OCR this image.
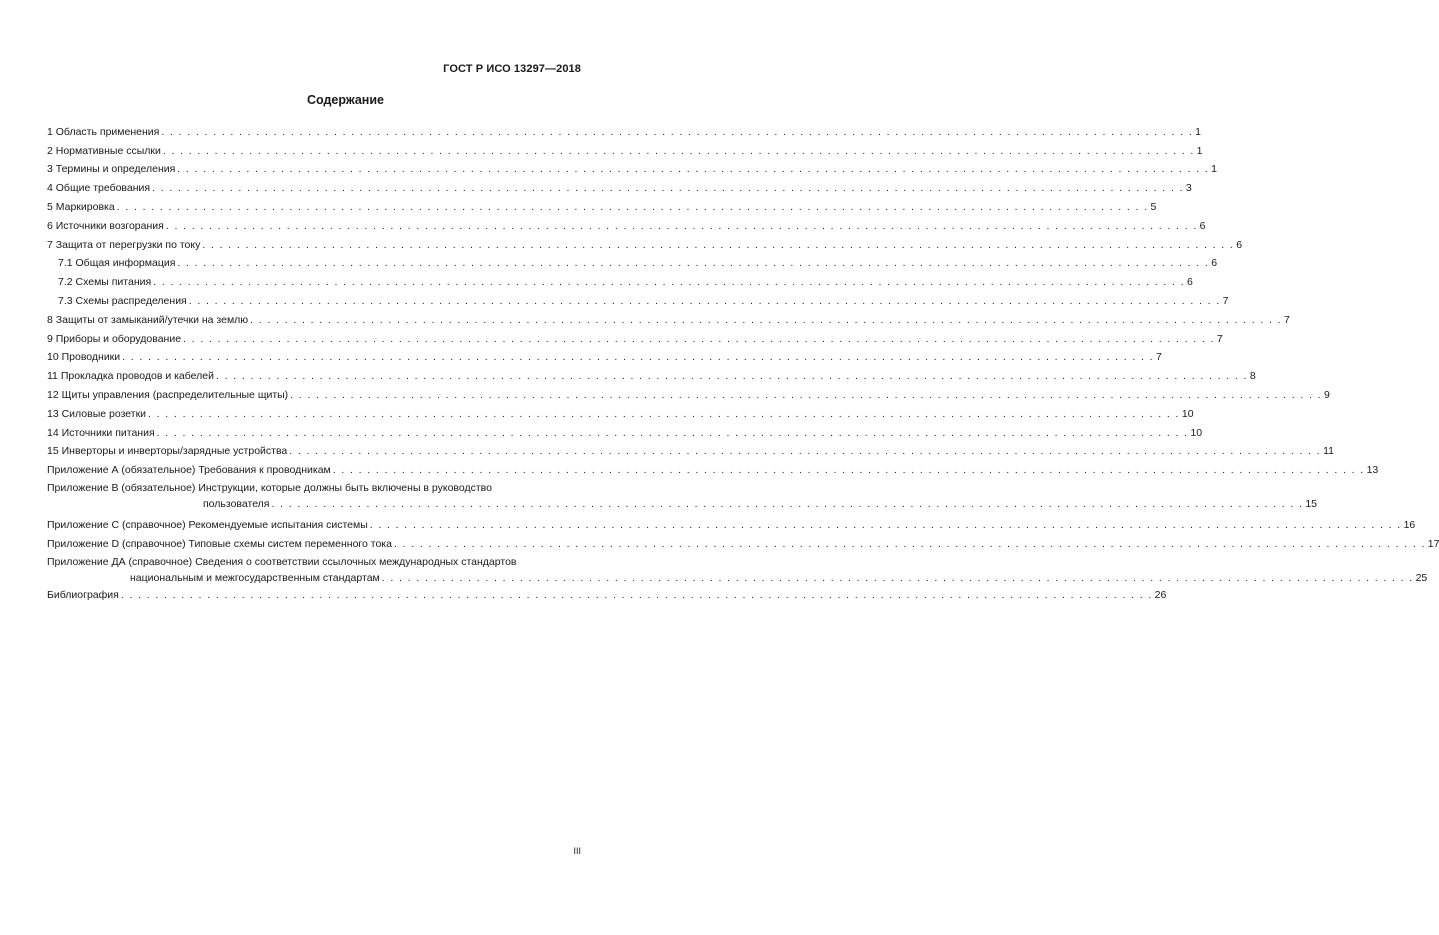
ГОСТ Р ИСО 13297—2018
Содержание
1 Область применения . . . . . . . . . . . . . . . . . . . . . . . . . . . . . . . . . . . . . . . . . . . . . . . . . . . . . . . . . . . . . . . . . . . . . . . . . . . . . . . . . . . . . . . . . . . . . . . . . . . . . . . . . . . . . . . . . . . . . . . . 1
2 Нормативные ссылки . . . . . . . . . . . . . . . . . . . . . . . . . . . . . . . . . . . . . . . . . . . . . . . . . . . . . . . . . . . . . . . . . . . . . . . . . . . . . . . . . . . . . . . . . . . . . . . . . . . . . . . . . . . . . . . . . . . . . . . . 1
3 Термины и определения . . . . . . . . . . . . . . . . . . . . . . . . . . . . . . . . . . . . . . . . . . . . . . . . . . . . . . . . . . . . . . . . . . . . . . . . . . . . . . . . . . . . . . . . . . . . . . . . . . . . . . . . . . . . . . . . . . . . . . . . 1
4 Общие требования . . . . . . . . . . . . . . . . . . . . . . . . . . . . . . . . . . . . . . . . . . . . . . . . . . . . . . . . . . . . . . . . . . . . . . . . . . . . . . . . . . . . . . . . . . . . . . . . . . . . . . . . . . . . . . . . . . . . . . . . 3
5 Маркировка . . . . . . . . . . . . . . . . . . . . . . . . . . . . . . . . . . . . . . . . . . . . . . . . . . . . . . . . . . . . . . . . . . . . . . . . . . . . . . . . . . . . . . . . . . . . . . . . . . . . . . . . . . . . . . . . . . . . . . . . 5
6 Источники возгорания . . . . . . . . . . . . . . . . . . . . . . . . . . . . . . . . . . . . . . . . . . . . . . . . . . . . . . . . . . . . . . . . . . . . . . . . . . . . . . . . . . . . . . . . . . . . . . . . . . . . . . . . . . . . . . . . . . . . . . . . 6
7 Защита от перегрузки по току . . . . . . . . . . . . . . . . . . . . . . . . . . . . . . . . . . . . . . . . . . . . . . . . . . . . . . . . . . . . . . . . . . . . . . . . . . . . . . . . . . . . . . . . . . . . . . . . . . . . . . . . . . . . . . . . . . . . . . . . 6
7.1 Общая информация . . . . . . . . . . . . . . . . . . . . . . . . . . . . . . . . . . . . . . . . . . . . . . . . . . . . . . . . . . . . . . . . . . . . . . . . . . . . . . . . . . . . . . . . . . . . . . . . . . . . . . . . . . . . . . . . . . . . . . . . 6
7.2 Схемы питания . . . . . . . . . . . . . . . . . . . . . . . . . . . . . . . . . . . . . . . . . . . . . . . . . . . . . . . . . . . . . . . . . . . . . . . . . . . . . . . . . . . . . . . . . . . . . . . . . . . . . . . . . . . . . . . . . . . . . . . . 6
7.3 Схемы распределения . . . . . . . . . . . . . . . . . . . . . . . . . . . . . . . . . . . . . . . . . . . . . . . . . . . . . . . . . . . . . . . . . . . . . . . . . . . . . . . . . . . . . . . . . . . . . . . . . . . . . . . . . . . . . . . . . . . . . . . . 7
8 Защиты от замыканий/утечки на землю . . . . . . . . . . . . . . . . . . . . . . . . . . . . . . . . . . . . . . . . . . . . . . . . . . . . . . . . . . . . . . . . . . . . . . . . . . . . . . . . . . . . . . . . . . . . . . . . . . . . . . . . . . . . . . . . . . . . . . . . 7
9 Приборы и оборудование . . . . . . . . . . . . . . . . . . . . . . . . . . . . . . . . . . . . . . . . . . . . . . . . . . . . . . . . . . . . . . . . . . . . . . . . . . . . . . . . . . . . . . . . . . . . . . . . . . . . . . . . . . . . . . . . . . . . . . . . 7
10 Проводники . . . . . . . . . . . . . . . . . . . . . . . . . . . . . . . . . . . . . . . . . . . . . . . . . . . . . . . . . . . . . . . . . . . . . . . . . . . . . . . . . . . . . . . . . . . . . . . . . . . . . . . . . . . . . . . . . . . . . . . . 7
11 Прокладка проводов и кабелей . . . . . . . . . . . . . . . . . . . . . . . . . . . . . . . . . . . . . . . . . . . . . . . . . . . . . . . . . . . . . . . . . . . . . . . . . . . . . . . . . . . . . . . . . . . . . . . . . . . . . . . . . . . . . . . . . . . . . . . . 8
12 Щиты управления (распределительные щиты) . . . . . . . . . . . . . . . . . . . . . . . . . . . . . . . . . . . . . . . . . . . . . . . . . . . . . . . . . . . . . . . . . . . . . . . . . . . . . . . . . . . . . . . . . . . . . . . . . . . . . . . . . . . . . . . . . . . . . . . . 9
13 Силовые розетки . . . . . . . . . . . . . . . . . . . . . . . . . . . . . . . . . . . . . . . . . . . . . . . . . . . . . . . . . . . . . . . . . . . . . . . . . . . . . . . . . . . . . . . . . . . . . . . . . . . . . . . . . . . . . . . . . . . . . . . . 10
14 Источники питания . . . . . . . . . . . . . . . . . . . . . . . . . . . . . . . . . . . . . . . . . . . . . . . . . . . . . . . . . . . . . . . . . . . . . . . . . . . . . . . . . . . . . . . . . . . . . . . . . . . . . . . . . . . . . . . . . . . . . . . . 10
15 Инверторы и инверторы/зарядные устройства . . . . . . . . . . . . . . . . . . . . . . . . . . . . . . . . . . . . . . . . . . . . . . . . . . . . . . . . . . . . . . . . . . . . . . . . . . . . . . . . . . . . . . . . . . . . . . . . . . . . . . . . . . . . . . . . . . . . . . . . 11
Приложение А (обязательное) Требования к проводникам . . . . . . . . . . . . . . . . . . . . . . . . . . . . . . . . . . . . . . . . . . . . . . . . . . . . . . . . . . . . . . . . . . . . . . . . . . . . . . . . . . . . . . . . . . . . . . . . . . . . . . . . . . . . . . . . . . . . . . . . 13
Приложение В (обязательное) Инструкции, которые должны быть включены в руководство
пользователя . . . . . . . . . . . . . . . . . . . . . . . . . . . . . . . . . . . . . . . . . . . . . . . . . . . . . . . . . . . . . . . . . . . . . . . . . . . . . . . . . . . . . . . . . . . . . . . . . . . . . . . . . . . . . . . . . . . . . . . . 15
Приложение С (справочное) Рекомендуемые испытания системы . . . . . . . . . . . . . . . . . . . . . . . . . . . . . . . . . . . . . . . . . . . . . . . . . . . . . . . . . . . . . . . . . . . . . . . . . . . . . . . . . . . . . . . . . . . . . . . . . . . . . . . . . . . . . . . . . . . . . . . . 16
Приложение D (справочное) Типовые схемы систем переменного тока . . . . . . . . . . . . . . . . . . . . . . . . . . . . . . . . . . . . . . . . . . . . . . . . . . . . . . . . . . . . . . . . . . . . . . . . . . . . . . . . . . . . . . . . . . . . . . . . . . . . . . . . . . . . . . . . . . . . . . . . 17
Приложение ДА (справочное) Сведения о соответствии ссылочных международных стандартов
национальным и межгосударственным стандартам . . . . . . . . . . . . . . . . . . . . . . . . . . . . . . . . . . . . . . . . . . . . . . . . . . . . . . . . . . . . . . . . . . . . . . . . . . . . . . . . . . . . . . . . . . . . . . . . . . . . . . . . . . . . . . . . . . . . . . . . 25
Библиография . . . . . . . . . . . . . . . . . . . . . . . . . . . . . . . . . . . . . . . . . . . . . . . . . . . . . . . . . . . . . . . . . . . . . . . . . . . . . . . . . . . . . . . . . . . . . . . . . . . . . . . . . . . . . . . . . . . . . . . . 26
III
